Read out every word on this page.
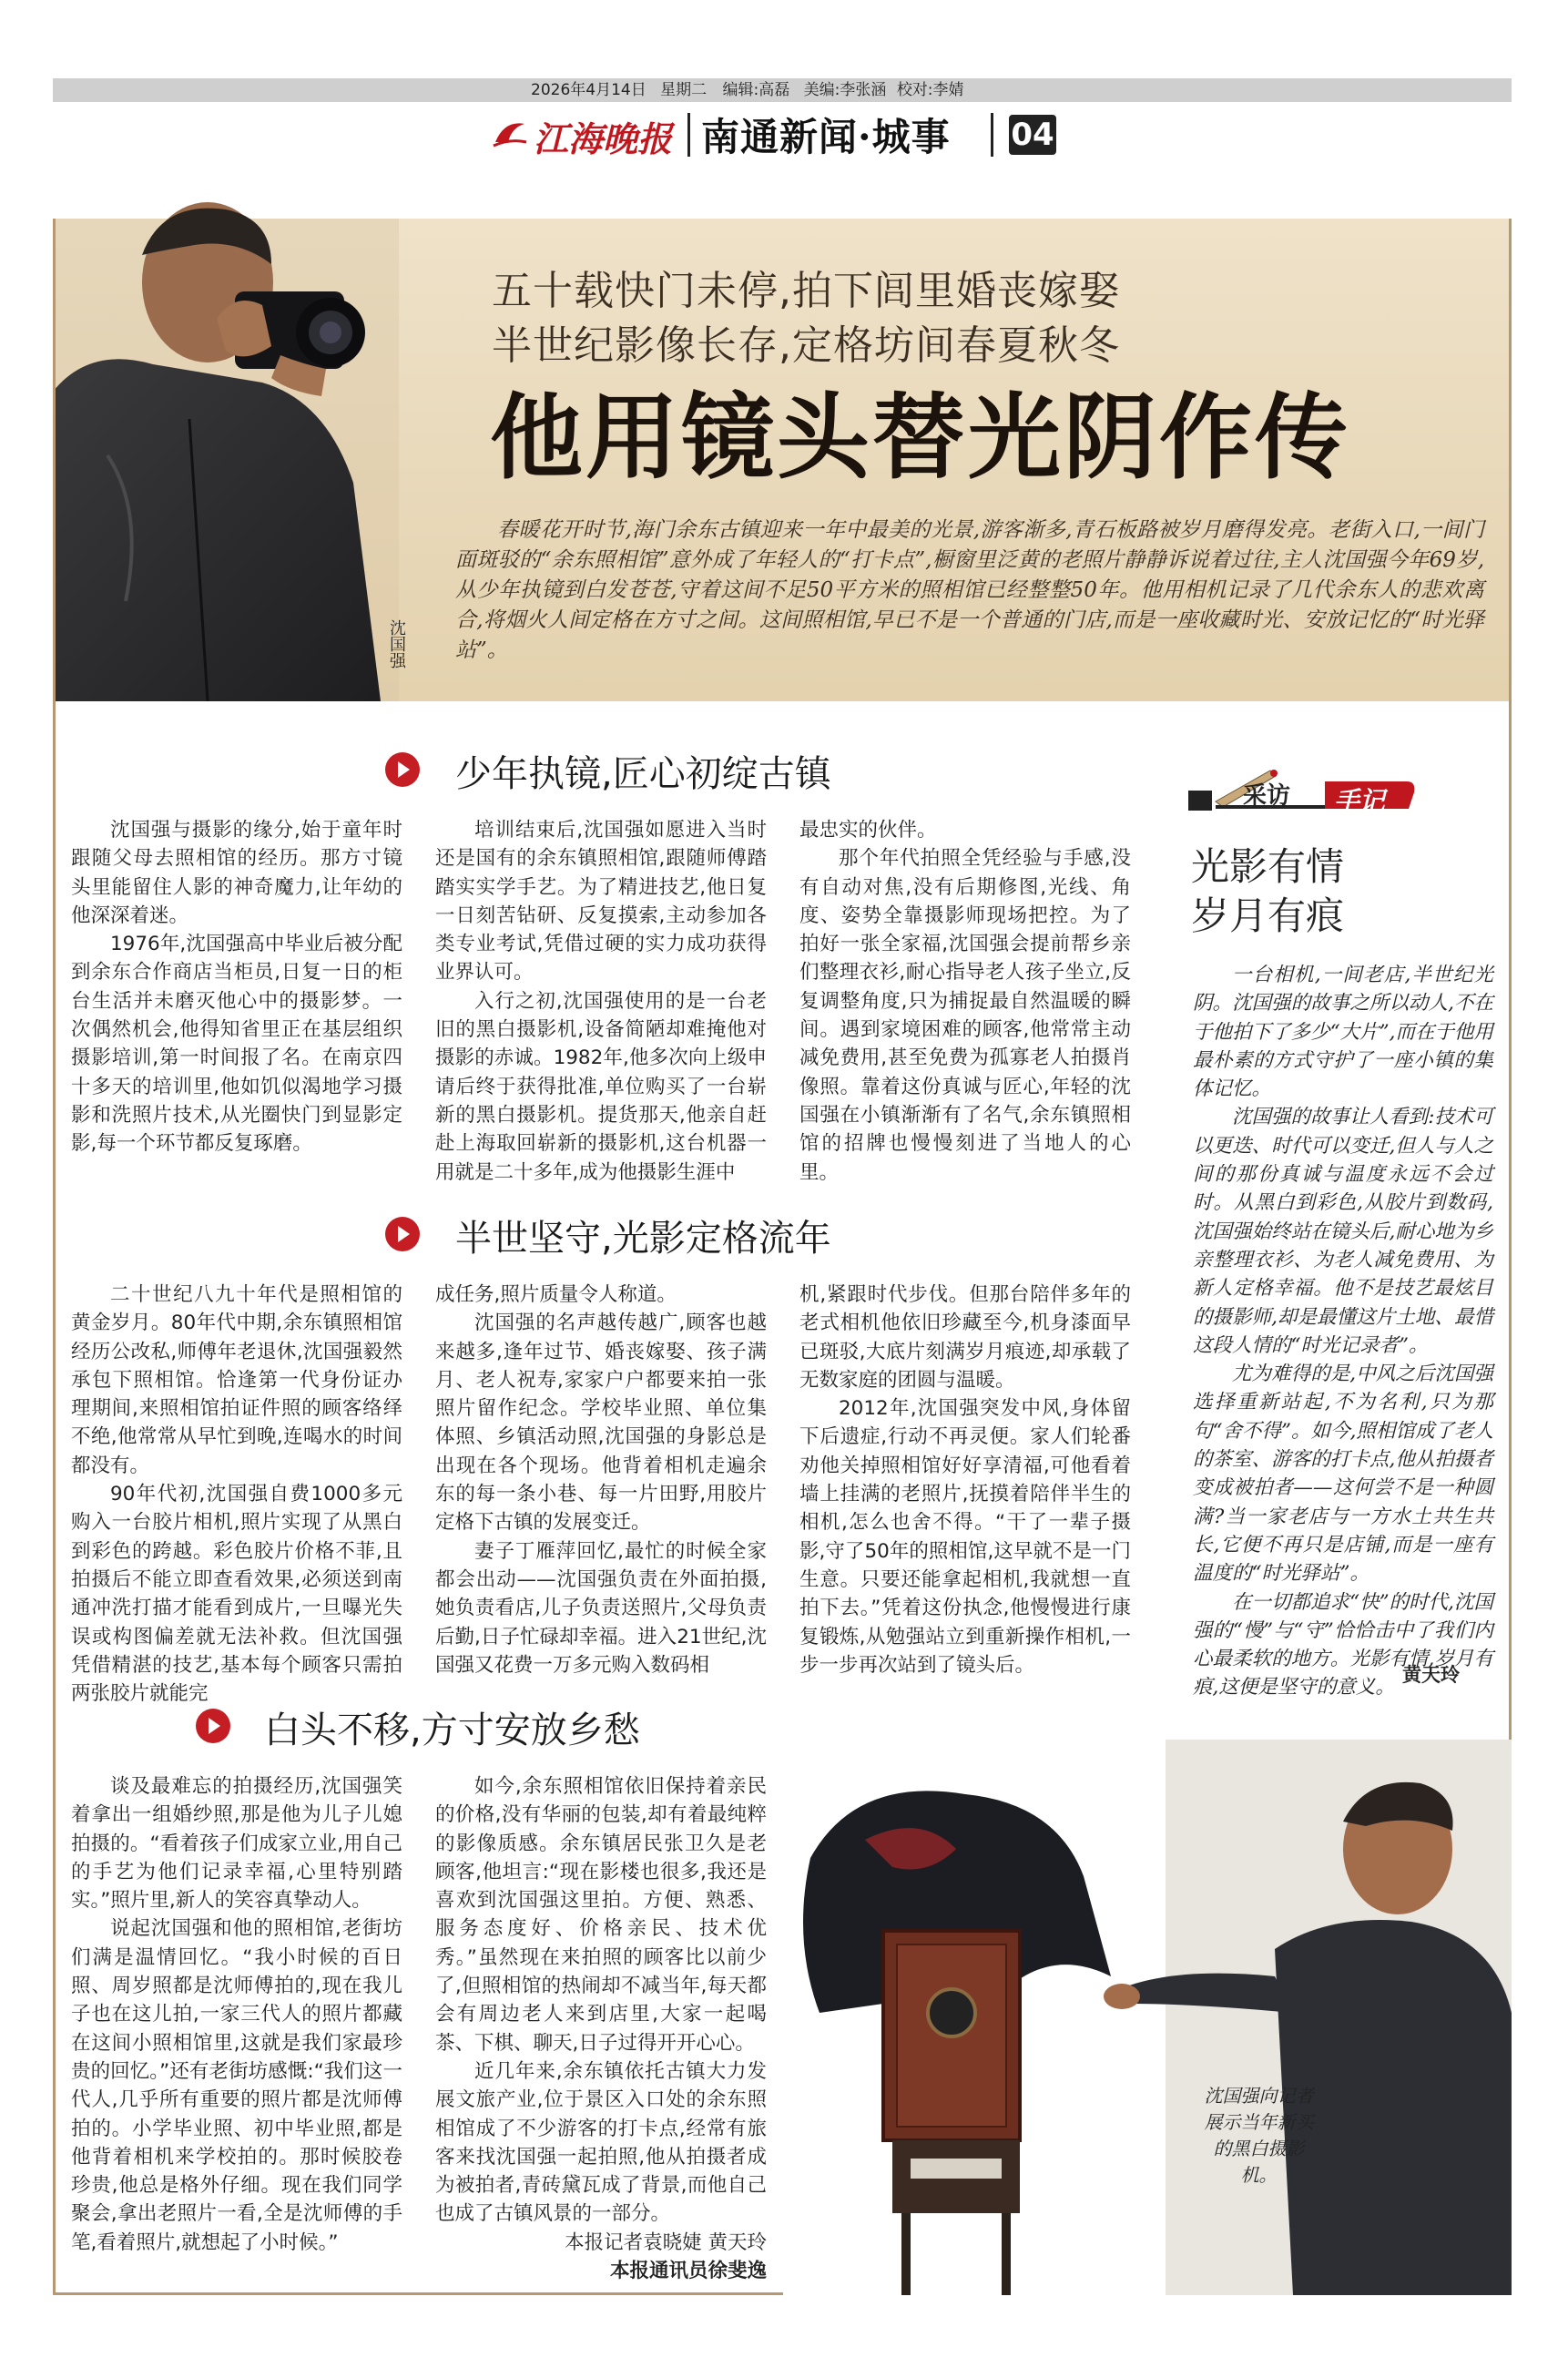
2026年4月14日 星期二 编辑:高磊 美编:李张涵 校对:李婧
江海晚报 南通新闻·城事 04
沈国强
五十载快门未停,拍下闾里婚丧嫁娶
半世纪影像长存,定格坊间春夏秋冬
他用镜头替光阴作传
春暖花开时节,海门余东古镇迎来一年中最美的光景,游客渐多,青石板路被岁月磨得发亮。老街入口,一间门面斑驳的“余东照相馆”意外成了年轻人的“打卡点”,橱窗里泛黄的老照片静静诉说着过往,主人沈国强今年69岁,从少年执镜到白发苍苍,守着这间不足50平方米的照相馆已经整整50年。他用相机记录了几代余东人的悲欢离合,将烟火人间定格在方寸之间。这间照相馆,早已不是一个普通的门店,而是一座收藏时光、安放记忆的“时光驿站”。
少年执镜,匠心初绽古镇

沈国强与摄影的缘分,始于童年时跟随父母去照相馆的经历。那方寸镜头里能留住人影的神奇魔力,让年幼的他深深着迷。

1976年,沈国强高中毕业后被分配到余东合作商店当柜员,日复一日的柜台生活并未磨灭他心中的摄影梦。一次偶然机会,他得知省里正在基层组织摄影培训,第一时间报了名。在南京四十多天的培训里,他如饥似渴地学习摄影和洗照片技术,从光圈快门到显影定影,每一个环节都反复琢磨。

培训结束后,沈国强如愿进入当时还是国有的余东镇照相馆,跟随师傅踏踏实实学手艺。为了精进技艺,他日复一日刻苦钻研、反复摸索,主动参加各类专业考试,凭借过硬的实力成功获得业界认可。

入行之初,沈国强使用的是一台老旧的黑白摄影机,设备简陋却难掩他对摄影的赤诚。1982年,他多次向上级申请后终于获得批准,单位购买了一台崭新的黑白摄影机。提货那天,他亲自赶赴上海取回崭新的摄影机,这台机器一用就是二十多年,成为他摄影生涯中

最忠实的伙伴。

那个年代拍照全凭经验与手感,没有自动对焦,没有后期修图,光线、角度、姿势全靠摄影师现场把控。为了拍好一张全家福,沈国强会提前帮乡亲们整理衣衫,耐心指导老人孩子坐立,反复调整角度,只为捕捉最自然温暖的瞬间。遇到家境困难的顾客,他常常主动减免费用,甚至免费为孤寡老人拍摄肖像照。靠着这份真诚与匠心,年轻的沈国强在小镇渐渐有了名气,余东镇照相馆的招牌也慢慢刻进了当地人的心里。

半世坚守,光影定格流年

二十世纪八九十年代是照相馆的黄金岁月。80年代中期,余东镇照相馆经历公改私,师傅年老退休,沈国强毅然承包下照相馆。恰逢第一代身份证办理期间,来照相馆拍证件照的顾客络绎不绝,他常常从早忙到晚,连喝水的时间都没有。

90年代初,沈国强自费1000多元购入一台胶片相机,照片实现了从黑白到彩色的跨越。彩色胶片价格不菲,且拍摄后不能立即查看效果,必须送到南通冲洗打描才能看到成片,一旦曝光失误或构图偏差就无法补救。但沈国强凭借精湛的技艺,基本每个顾客只需拍两张胶片就能完

成任务,照片质量令人称道。

沈国强的名声越传越广,顾客也越来越多,逢年过节、婚丧嫁娶、孩子满月、老人祝寿,家家户户都要来拍一张照片留作纪念。学校毕业照、单位集体照、乡镇活动照,沈国强的身影总是出现在各个现场。他背着相机走遍余东的每一条小巷、每一片田野,用胶片定格下古镇的发展变迁。

妻子丁雁萍回忆,最忙的时候全家都会出动——沈国强负责在外面拍摄,她负责看店,儿子负责送照片,父母负责后勤,日子忙碌却幸福。进入21世纪,沈国强又花费一万多元购入数码相

机,紧跟时代步伐。但那台陪伴多年的老式相机他依旧珍藏至今,机身漆面早已斑驳,大底片刻满岁月痕迹,却承载了无数家庭的团圆与温暖。

2012年,沈国强突发中风,身体留下后遗症,行动不再灵便。家人们轮番劝他关掉照相馆好好享清福,可他看着墙上挂满的老照片,抚摸着陪伴半生的相机,怎么也舍不得。“干了一辈子摄影,守了50年的照相馆,这早就不是一门生意。只要还能拿起相机,我就想一直拍下去。”凭着这份执念,他慢慢进行康复锻炼,从勉强站立到重新操作相机,一步一步再次站到了镜头后。

白头不移,方寸安放乡愁

谈及最难忘的拍摄经历,沈国强笑着拿出一组婚纱照,那是他为儿子儿媳拍摄的。“看着孩子们成家立业,用自己的手艺为他们记录幸福,心里特别踏实。”照片里,新人的笑容真挚动人。

说起沈国强和他的照相馆,老街坊们满是温情回忆。“我小时候的百日照、周岁照都是沈师傅拍的,现在我儿子也在这儿拍,一家三代人的照片都藏在这间小照相馆里,这就是我们家最珍贵的回忆。”还有老街坊感慨:“我们这一代人,几乎所有重要的照片都是沈师傅拍的。小学毕业照、初中毕业照,都是他背着相机来学校拍的。那时候胶卷珍贵,他总是格外仔细。现在我们同学聚会,拿出老照片一看,全是沈师傅的手笔,看着照片,就想起了小时候。”

如今,余东照相馆依旧保持着亲民的价格,没有华丽的包装,却有着最纯粹的影像质感。余东镇居民张卫久是老顾客,他坦言:“现在影楼也很多,我还是喜欢到沈国强这里拍。方便、熟悉、服务态度好、价格亲民、技术优秀。”虽然现在来拍照的顾客比以前少了,但照相馆的热闹却不减当年,每天都会有周边老人来到店里,大家一起喝茶、下棋、聊天,日子过得开开心心。

近几年来,余东镇依托古镇大力发展文旅产业,位于景区入口处的余东照相馆成了不少游客的打卡点,经常有旅客来找沈国强一起拍照,他从拍摄者成为被拍者,青砖黛瓦成了背景,而他自己也成了古镇风景的一部分。

本报记者袁晓婕 黄天玲

本报通讯员徐斐逸

采访 手记
光影有情
岁月有痕

一台相机,一间老店,半世纪光阴。沈国强的故事之所以动人,不在于他拍下了多少“大片”,而在于他用最朴素的方式守护了一座小镇的集体记忆。

沈国强的故事让人看到:技术可以更迭、时代可以变迁,但人与人之间的那份真诚与温度永远不会过时。从黑白到彩色,从胶片到数码,沈国强始终站在镜头后,耐心地为乡亲整理衣衫、为老人减免费用、为新人定格幸福。他不是技艺最炫目的摄影师,却是最懂这片土地、最惜这段人情的“时光记录者”。

尤为难得的是,中风之后沈国强选择重新站起,不为名利,只为那句“舍不得”。如今,照相馆成了老人的茶室、游客的打卡点,他从拍摄者变成被拍者——这何尝不是一种圆满?当一家老店与一方水土共生共长,它便不再只是店铺,而是一座有温度的“时光驿站”。

在一切都追求“快”的时代,沈国强的“慢”与“守”恰恰击中了我们内心最柔软的地方。光影有情,岁月有痕,这便是坚守的意义。

黄天玲
沈国强向记者展示当年新买的黑白摄影机。
